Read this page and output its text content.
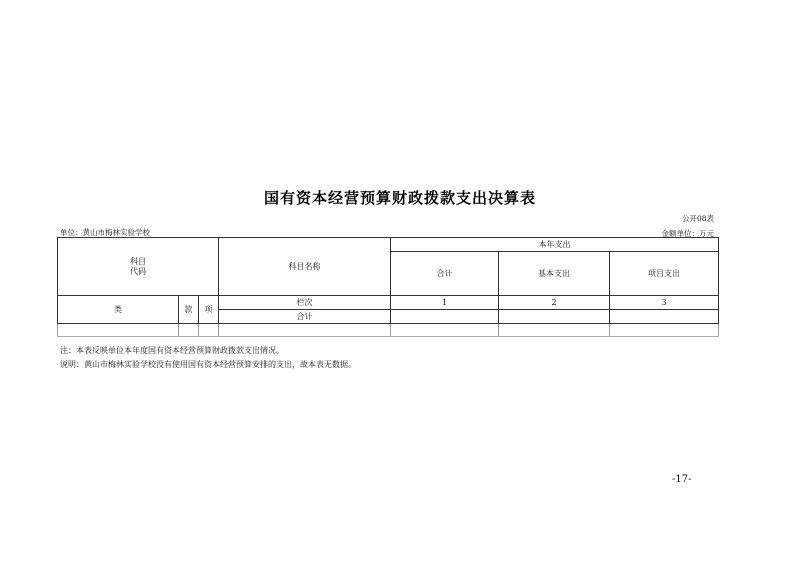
国有资本经营预算财政拨款支出决算表
公开08表
单位：黄山市梅林实验学校	金额单位：万元
科目
代码			科目名称	本年支出		
				合计	基本支出	项目支出
类	款	项	栏次	1	2	3
			合计			

注：本表反映单位本年度国有资本经营预算财政拨款支出情况。
说明：黄山市梅林实验学校没有使用国有资本经营预算安排的支出，故本表无数据。
-17-
